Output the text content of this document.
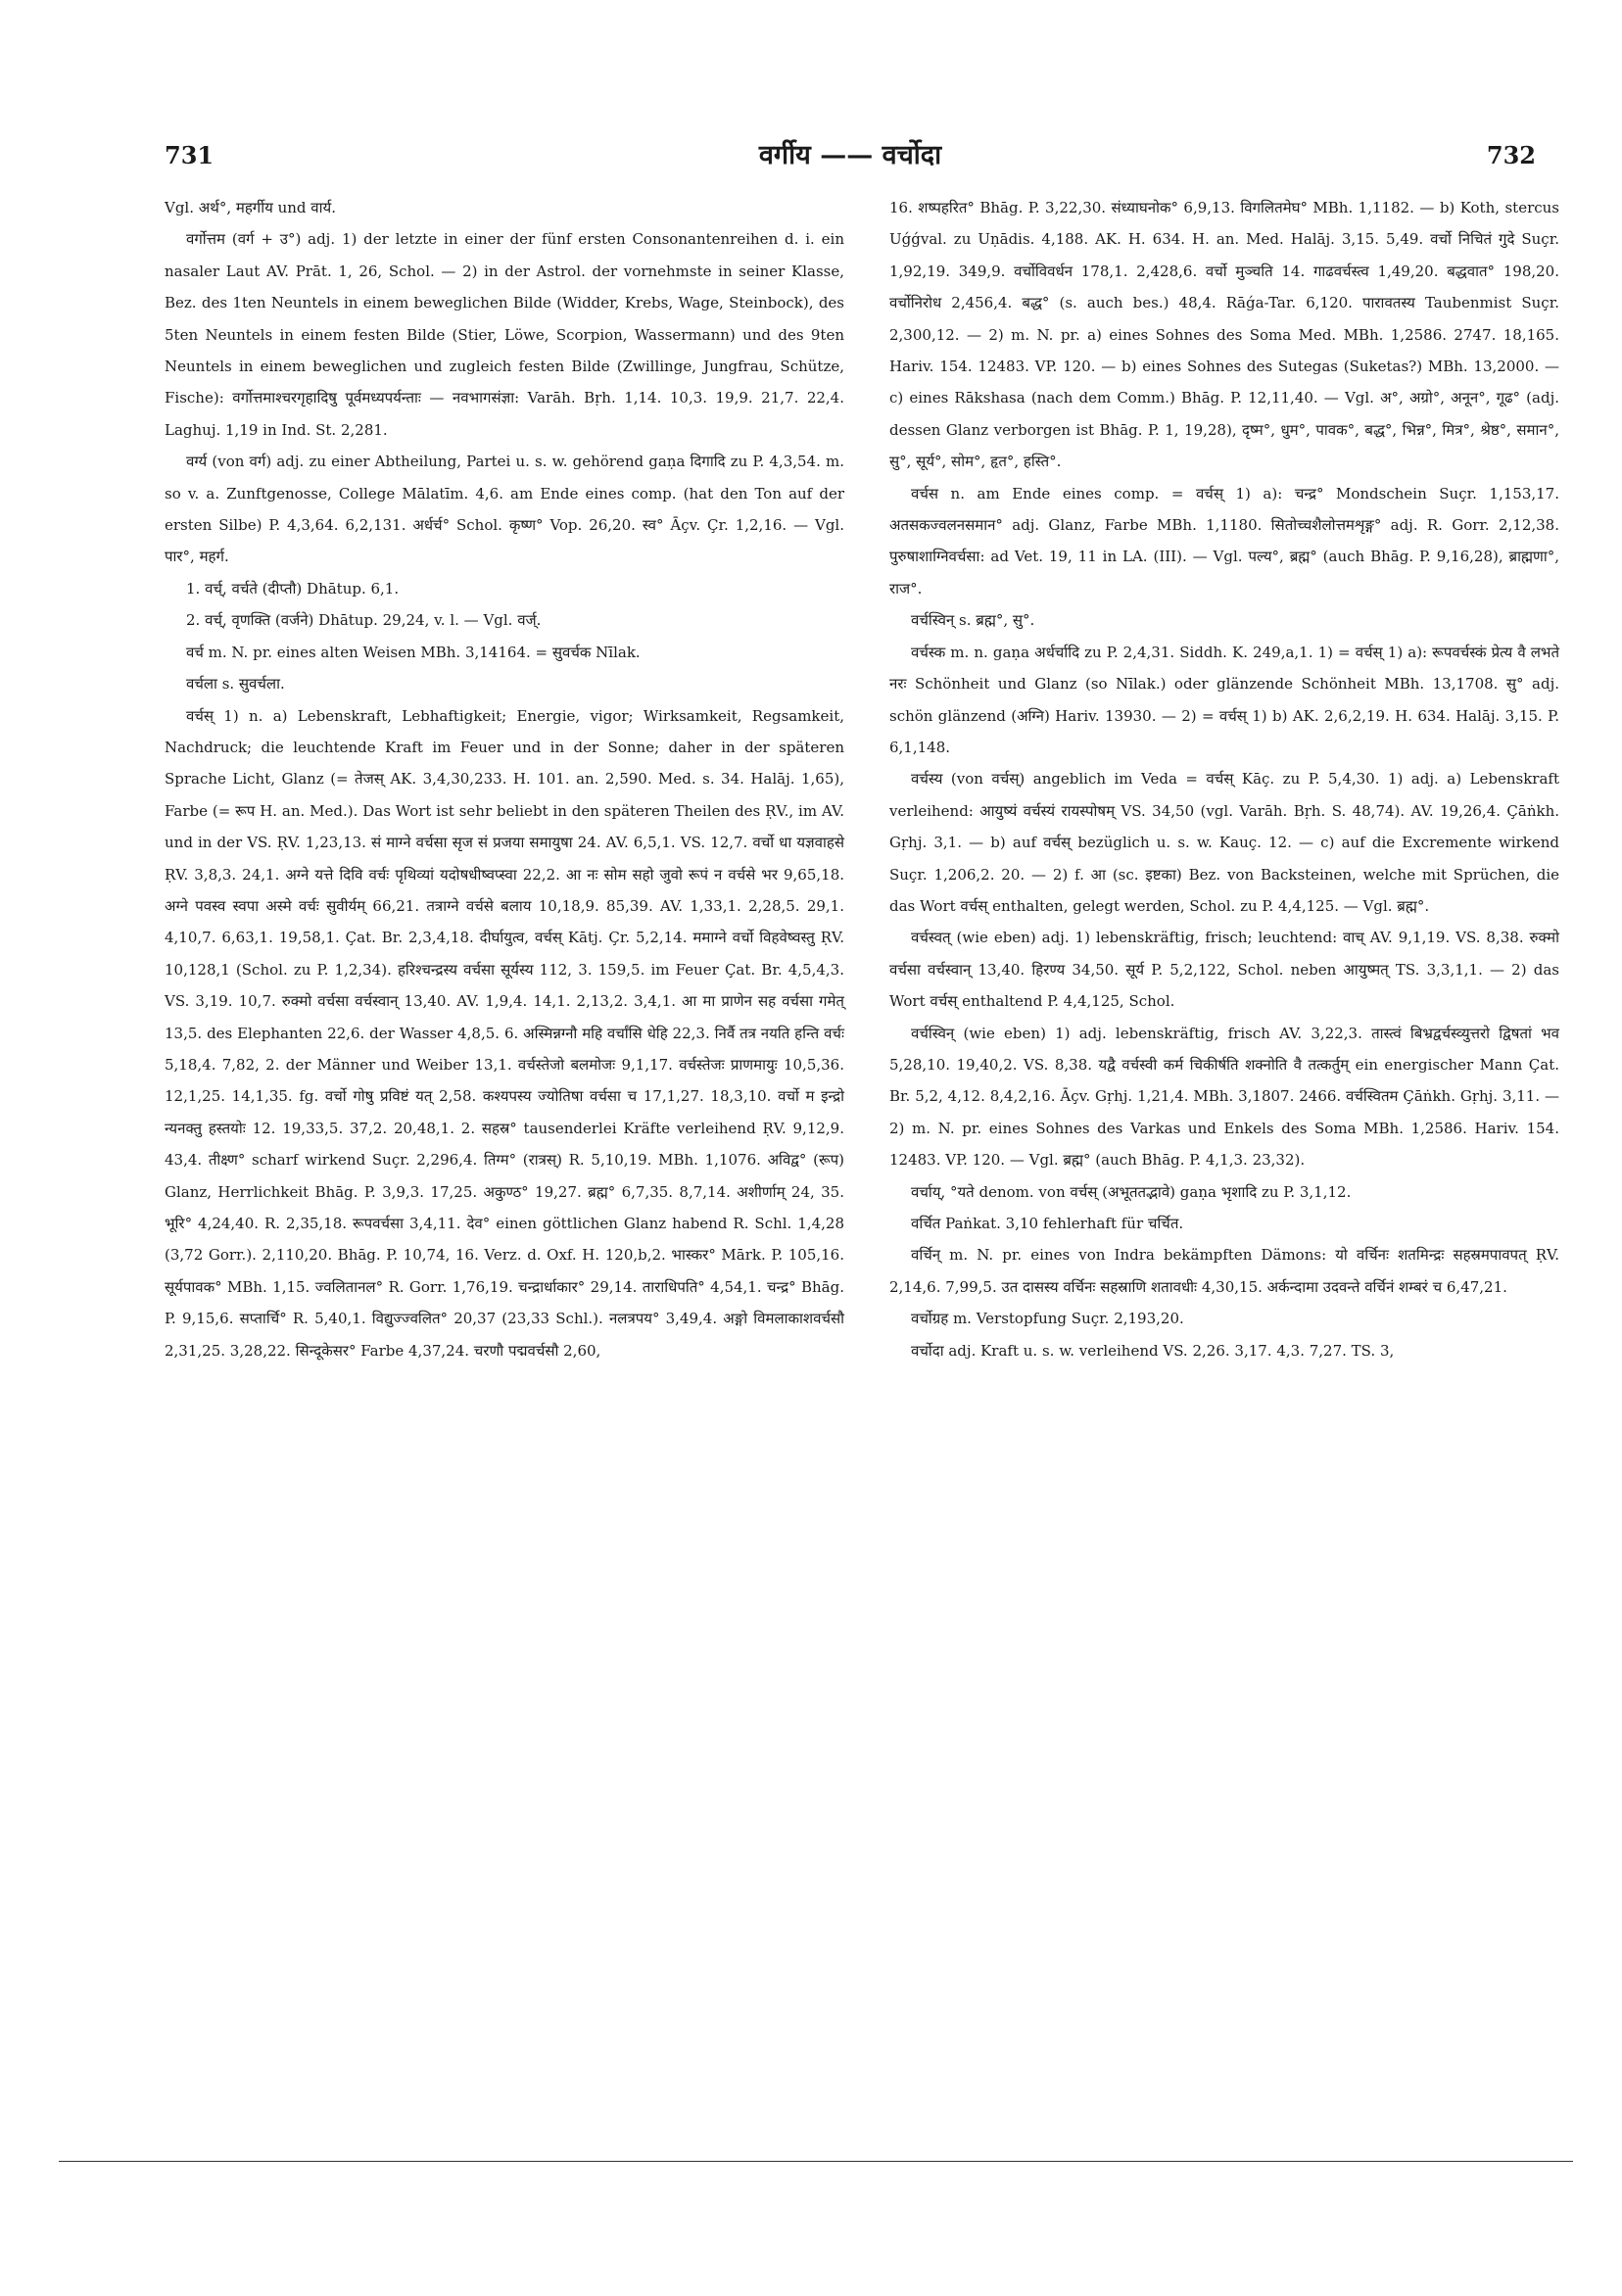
731	वर्गीय —— वर्चोदा	732

Vgl. अर्थ°, महर्गीय und वार्य.

वर्गोत्तम (वर्ग + उ°) adj. 1) der letzte in einer der fünf ersten Consonantenreihen d. i. ein nasaler Laut AV. Prāt. 1, 26, Schol. — 2) in der Astrol. der vornehmste in seiner Klasse, Bez. des 1ten Neuntels in einem beweglichen Bilde (Widder, Krebs, Wage, Steinbock), des 5ten Neuntels in einem festen Bilde (Stier, Löwe, Scorpion, Wassermann) und des 9ten Neuntels in einem beweglichen und zugleich festen Bilde (Zwillinge, Jungfrau, Schütze, Fische): वर्गोत्तमाश्चरगृहादिषु पूर्वमध्यपर्यन्ताः — नवभागसंज्ञा: Varāh. Bṛh. 1,14. 10,3. 19,9. 21,7. 22,4. Laghuj. 1,19 in Ind. St. 2,281.

वर्ग्य (von वर्ग) adj. zu einer Abtheilung, Partei u. s. w. gehörend gaṇa दिगादि zu P. 4,3,54. m. so v. a. Zunftgenosse, College Mālatīm. 4,6. am Ende eines comp. (hat den Ton auf der ersten Silbe) P. 4,3,64. 6,2,131. अर्धर्च° Schol. कृष्ण° Vop. 26,20. स्व° Āçv. Çr. 1,2,16. — Vgl. पार°, महर्ग.

1. वर्च्, वर्चते (दीप्तौ) Dhātup. 6,1.

2. वर्च्, वृणक्ति (वर्जने) Dhātup. 29,24, v. l. — Vgl. वर्ज्.

वर्च m. N. pr. eines alten Weisen MBh. 3,14164. = सुवर्चक Nīlak.

वर्चला s. सुवर्चला.

वर्चस् 1) n. a) Lebenskraft, Lebhaftigkeit; Energie, vigor; Wirksamkeit, Regsamkeit, Nachdruck; die leuchtende Kraft im Feuer und in der Sonne; daher in der späteren Sprache Licht, Glanz (= तेजस् AK. 3,4,30,233. H. 101. an. 2,590. Med. s. 34. Halāj. 1,65), Farbe (= रूप H. an. Med.). Das Wort ist sehr beliebt in den späteren Theilen des ṚV., im AV. und in der VS. ṚV. 1,23,13. सं माग्ने वर्चसा सृज सं प्रजया समायुषा 24. AV. 6,5,1. VS. 12,7. वर्चो धा यज्ञवाहसे ṚV. 3,8,3. 24,1. अग्ने यत्ते दिवि वर्चः पृथिव्यां यदोषधीष्वप्स्वा 22,2. आ नः सोम सहो जुवो रूपं न वर्चसे भर 9,65,18. अग्ने पवस्व स्वपा अस्मे वर्चः सुवीर्यम् 66,21. तत्राग्ने वर्चसे बलाय 10,18,9. 85,39. AV. 1,33,1. 2,28,5. 29,1. 4,10,7. 6,63,1. 19,58,1. Çat. Br. 2,3,4,18. दीर्घायुत्व, वर्चस् Kātj. Çr. 5,2,14. ममाग्ने वर्चो विहवेष्वस्तु ṚV. 10,128,1 (Schol. zu P. 1,2,34). हरिश्चन्द्रस्य वर्चसा सूर्यस्य 112, 3. 159,5. im Feuer Çat. Br. 4,5,4,3. VS. 3,19. 10,7. रुक्मो वर्चसा वर्चस्वान् 13,40. AV. 1,9,4. 14,1. 2,13,2. 3,4,1. आ मा प्राणेन सह वर्चसा गमेत् 13,5. des Elephanten 22,6. der Wasser 4,8,5. 6. अस्मिन्नग्नौ महि वर्चांसि धेहि 22,3. निर्वै तत्र नयति हन्ति वर्चः 5,18,4. 7,82, 2. der Männer und Weiber 13,1. वर्चस्तेजो बलमोजः 9,1,17. वर्चस्तेजः प्राणमायुः 10,5,36. 12,1,25. 14,1,35. fg. वर्चो गोषु प्रविष्टं यत् 2,58. कश्यपस्य ज्योतिषा वर्चसा च 17,1,27. 18,3,10. वर्चो म इन्द्रो न्यनक्तु हस्तयोः 12. 19,33,5. 37,2. 20,48,1. 2. सहस्र° tausenderlei Kräfte verleihend ṚV. 9,12,9. 43,4. तीक्ष्ण° scharf wirkend Suçr. 2,296,4. तिग्म° (रात्रस्) R. 5,10,19. MBh. 1,1076. अविद्व° (रूप) Glanz, Herrlichkeit Bhāg. P. 3,9,3. 17,25. अकुण्ठ° 19,27. ब्रह्म° 6,7,35. 8,7,14. अशीर्णाम् 24, 35. भूरि° 4,24,40. R. 2,35,18. रूपवर्चसा 3,4,11. देव° einen göttlichen Glanz habend R. Schl. 1,4,28 (3,72 Gorr.). 2,110,20. Bhāg. P. 10,74, 16. Verz. d. Oxf. H. 120,b,2. भास्कर° Mārk. P. 105,16. सूर्यपावक° MBh. 1,15. ज्वलितानल° R. Gorr. 1,76,19. चन्द्रार्धाकार° 29,14. ताराधिपति° 4,54,1. चन्द्र° Bhāg. P. 9,15,6. सप्तार्चि° R. 5,40,1. विद्युज्ज्वलित° 20,37 (23,33 Schl.). नलत्रपय° 3,49,4. अङ्गो विमलाकाशवर्चसौ 2,31,25. 3,28,22. सिन्दूकेसर° Farbe 4,37,24. चरणौ पद्मवर्चसौ 2,60,

16. शष्पहरित° Bhāg. P. 3,22,30. संध्याघनोक° 6,9,13. विगलितमेघ° MBh. 1,1182. — b) Koth, stercus Uǵǵval. zu Uṇādis. 4,188. AK. H. 634. H. an. Med. Halāj. 3,15. 5,49. वर्चो निचितं गुदे Suçr. 1,92,19. 349,9. वर्चोविवर्धन 178,1. 2,428,6. वर्चो मुञ्चति 14. गाढवर्चस्त्व 1,49,20. बद्धवात° 198,20. वर्चोनिरोध 2,456,4. बद्ध° (s. auch bes.) 48,4. Rāǵa-Tar. 6,120. पारावतस्य Taubenmist Suçr. 2,300,12. — 2) m. N. pr. a) eines Sohnes des Soma Med. MBh. 1,2586. 2747. 18,165. Hariv. 154. 12483. VP. 120. — b) eines Sohnes des Sutegas (Suketas?) MBh. 13,2000. — c) eines Rākshasa (nach dem Comm.) Bhāg. P. 12,11,40. — Vgl. अ°, अग्रो°, अनून°, गूढ° (adj. dessen Glanz verborgen ist Bhāg. P. 1, 19,28), दृष्म°, धुम°, पावक°, बद्ध°, भिन्न°, मित्र°, श्रेष्ठ°, समान°, सु°, सूर्य°, सोम°, हृत°, हस्ति°.

वर्चस n. am Ende eines comp. = वर्चस् 1) a): चन्द्र° Mondschein Suçr. 1,153,17. अतसकज्वलनसमान° adj. Glanz, Farbe MBh. 1,1180. सितोच्चशैलोत्तमशृङ्ग° adj. R. Gorr. 2,12,38. पुरुषाशाग्निवर्चसा: ad Vet. 19, 11 in LA. (III). — Vgl. पल्य°, ब्रह्म° (auch Bhāg. P. 9,16,28), ब्राह्मणा°, राज°.

वर्चस्विन् s. ब्रह्म°, सु°.

वर्चस्क m. n. gaṇa अर्धर्चादि zu P. 2,4,31. Siddh. K. 249,a,1. 1) = वर्चस् 1) a): रूपवर्चस्कं प्रेत्य वै लभते नरः Schönheit und Glanz (so Nīlak.) oder glänzende Schönheit MBh. 13,1708. सु° adj. schön glänzend (अग्नि) Hariv. 13930. — 2) = वर्चस् 1) b) AK. 2,6,2,19. H. 634. Halāj. 3,15. P. 6,1,148.

वर्चस्य (von वर्चस्) angeblich im Veda = वर्चस् Kāç. zu P. 5,4,30. 1) adj. a) Lebenskraft verleihend: आयुष्यं वर्चस्यं रायस्पोषम् VS. 34,50 (vgl. Varāh. Bṛh. S. 48,74). AV. 19,26,4. Çāṅkh. Gṛhj. 3,1. — b) auf वर्चस् bezüglich u. s. w. Kauç. 12. — c) auf die Excremente wirkend Suçr. 1,206,2. 20. — 2) f. आ (sc. इष्टका) Bez. von Backsteinen, welche mit Sprüchen, die das Wort वर्चस् enthalten, gelegt werden, Schol. zu P. 4,4,125. — Vgl. ब्रह्म°.

वर्चस्वत् (wie eben) adj. 1) lebenskräftig, frisch; leuchtend: वाच् AV. 9,1,19. VS. 8,38. रुक्मो वर्चसा वर्चस्वान् 13,40. हिरण्य 34,50. सूर्य P. 5,2,122, Schol. neben आयुष्मत् TS. 3,3,1,1. — 2) das Wort वर्चस् enthaltend P. 4,4,125, Schol.

वर्चस्विन् (wie eben) 1) adj. lebenskräftig, frisch AV. 3,22,3. तास्त्वं बिभ्रद्वर्चस्व्युत्तरो द्विषतां भव 5,28,10. 19,40,2. VS. 8,38. यद्वै वर्चस्वी कर्म चिकीर्षति शक्नोति वै तत्कर्तुम् ein energischer Mann Çat. Br. 5,2, 4,12. 8,4,2,16. Āçv. Gṛhj. 1,21,4. MBh. 3,1807. 2466. वर्चस्वितम Çāṅkh. Gṛhj. 3,11. — 2) m. N. pr. eines Sohnes des Varkas und Enkels des Soma MBh. 1,2586. Hariv. 154. 12483. VP. 120. — Vgl. ब्रह्म° (auch Bhāg. P. 4,1,3. 23,32).

वर्चाय्, °यते denom. von वर्चस् (अभूततद्भावे) gaṇa भृशादि zu P. 3,1,12.

वर्चित Paṅkat. 3,10 fehlerhaft für चर्चित.

वर्चिन् m. N. pr. eines von Indra bekämpften Dämons: यो वर्चिनः शतमिन्द्रः सहस्रमपावपत् ṚV. 2,14,6. 7,99,5. उत दासस्य वर्चिनः सहस्राणि शतावधीः 4,30,15. अर्कन्दामा उदवन्ते वर्चिनं शम्बरं च 6,47,21.

वर्चोग्रह m. Verstopfung Suçr. 2,193,20.

वर्चोदा adj. Kraft u. s. w. verleihend VS. 2,26. 3,17. 4,3. 7,27. TS. 3,
